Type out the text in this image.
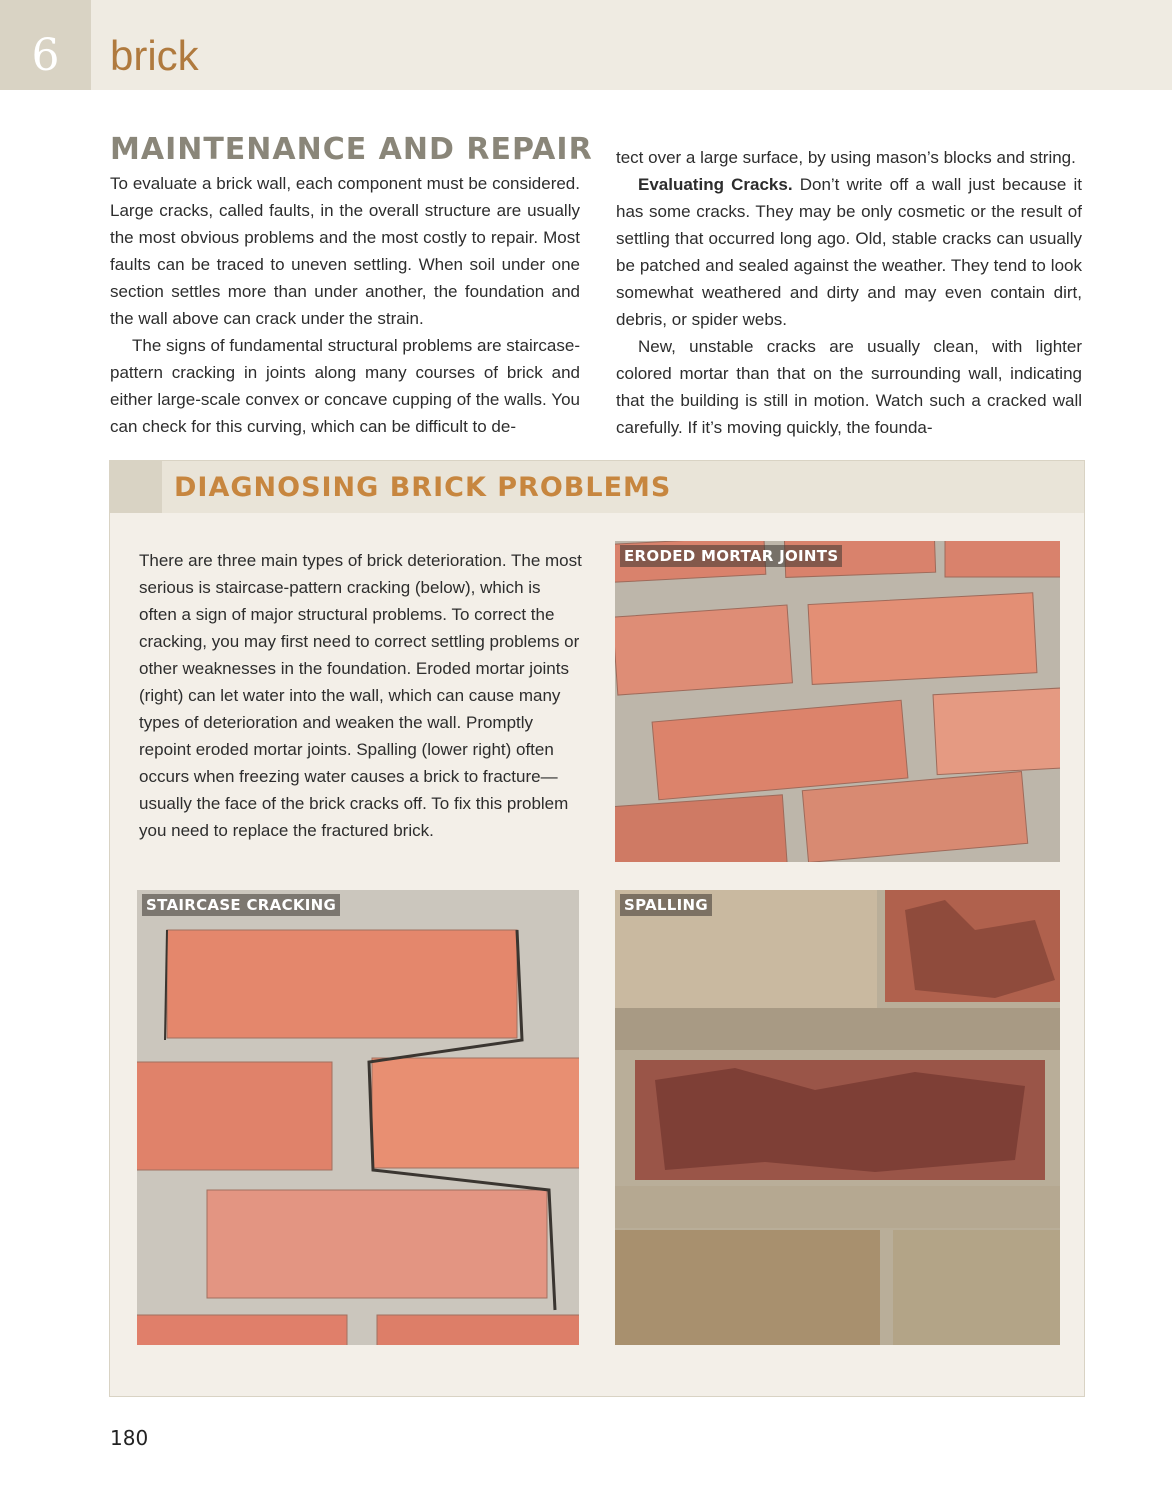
6	brick
MAINTENANCE AND REPAIR

To evaluate a brick wall, each component must be considered. Large cracks, called faults, in the overall structure are usually the most obvious problems and the most costly to repair. Most faults can be traced to uneven settling. When soil under one section settles more than under another, the foundation and the wall above can crack under the strain.

The signs of fundamental structural problems are staircase-pattern cracking in joints along many courses of brick and either large-scale convex or concave cupping of the walls. You can check for this curving, which can be difficult to de-

tect over a large surface, by using mason’s blocks and string.

Evaluating Cracks. Don’t write off a wall just because it has some cracks. They may be only cosmetic or the result of settling that occurred long ago. Old, stable cracks can usually be patched and sealed against the weather. They tend to look somewhat weathered and dirty and may even contain dirt, debris, or spider webs.

New, unstable cracks are usually clean, with lighter colored mortar than that on the surrounding wall, indicating that the building is still in motion. Watch such a cracked wall carefully. If it’s moving quickly, the founda-

DIAGNOSING BRICK PROBLEMS

There are three main types of brick deterioration. The most serious is staircase-pattern cracking (below), which is often a sign of major structural problems. To correct the cracking, you may first need to correct settling problems or other weaknesses in the foundation. Eroded mortar joints (right) can let water into the wall, which can cause many types of deterioration and weaken the wall. Promptly repoint eroded mortar joints. Spalling (lower right) often occurs when freezing water causes a brick to fracture—usually the face of the brick cracks off. To fix this problem you need to replace the fractured brick.

ERODED MORTAR JOINTS
STAIRCASE CRACKING	SPALLING
180
